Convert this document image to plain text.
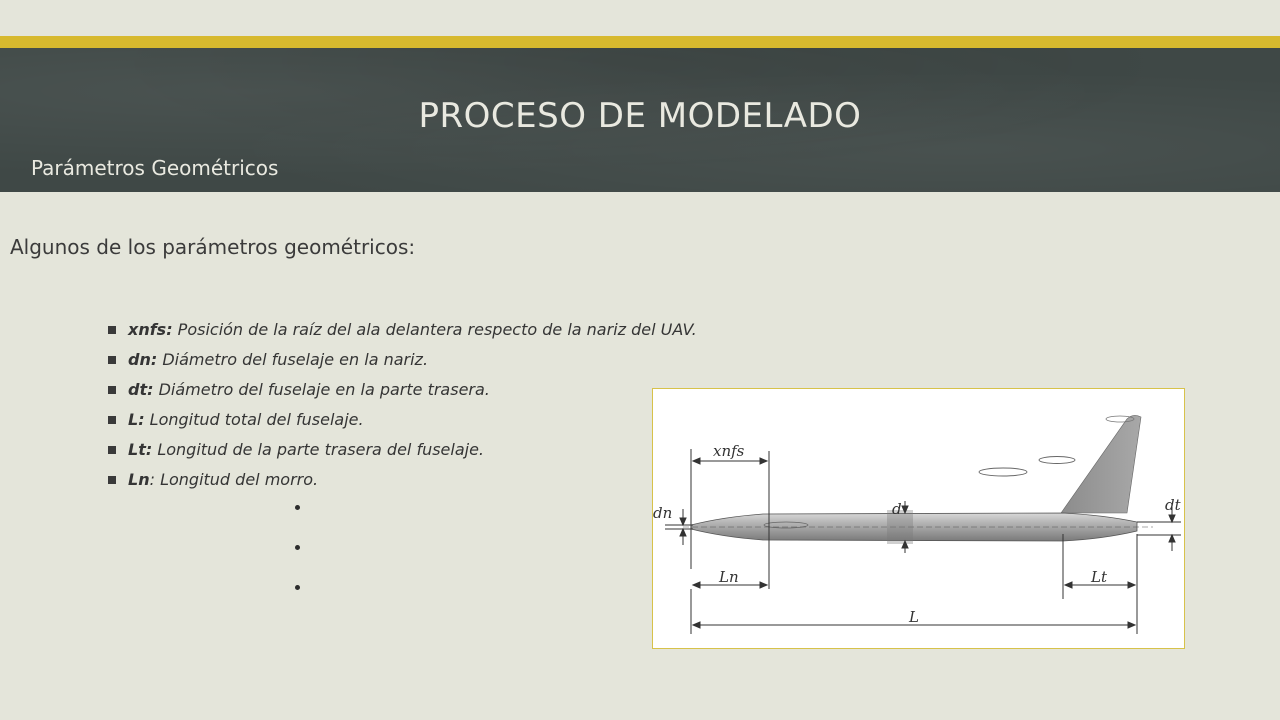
PROCESO DE MODELADO
Parámetros Geométricos
Algunos de los parámetros geométricos:
xnfs: Posición de la raíz del ala delantera respecto de la nariz del UAV.
dn: Diámetro del fuselaje en la nariz.
dt: Diámetro del fuselaje en la parte trasera.
L: Longitud total del fuselaje.
Lt: Longitud de la parte trasera del fuselaje.
Ln: Longitud del morro.
xnfs
dn	d	dt
Ln	Lt
L
